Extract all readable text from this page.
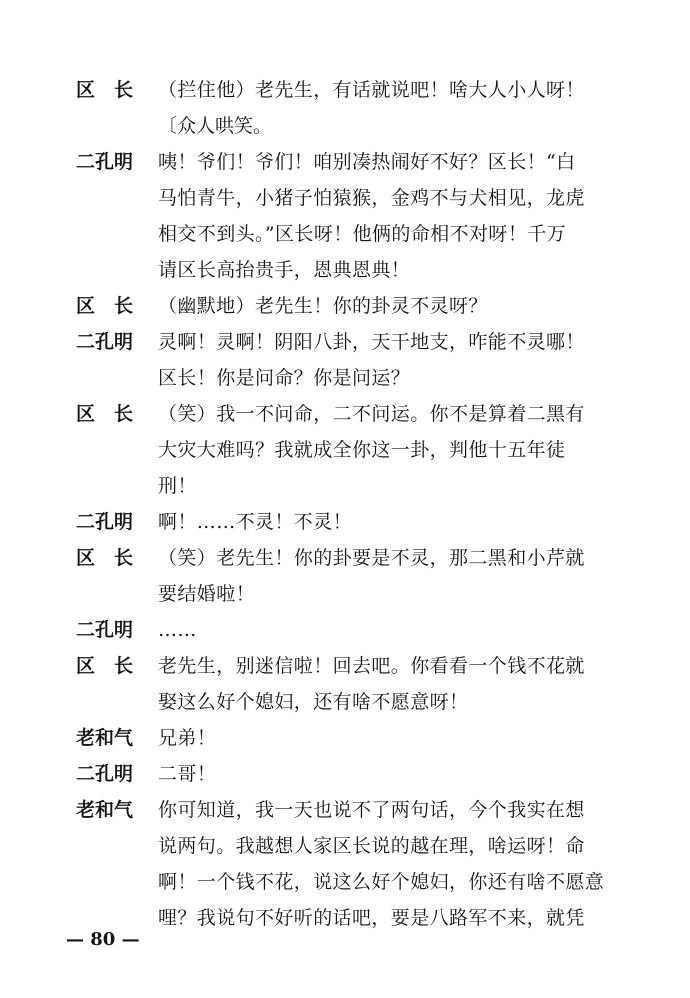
区　长	（拦住他）老先生，有话就说吧！啥大人小人呀！
〔众人哄笑。
二孔明	咦！爷们！爷们！咱别凑热闹好不好？区长！“白
马怕青牛，小猪子怕猿猴，金鸡不与犬相见，龙虎
相交不到头。”区长呀！他俩的命相不对呀！千万
请区长高抬贵手，恩典恩典！
区　长	（幽默地）老先生！你的卦灵不灵呀？
二孔明	灵啊！灵啊！阴阳八卦，天干地支，咋能不灵哪！
区长！你是问命？你是问运？
区　长	（笑）我一不问命，二不问运。你不是算着二黑有
大灾大难吗？我就成全你这一卦，判他十五年徒
刑！
二孔明	啊！……不灵！不灵！
区　长	（笑）老先生！你的卦要是不灵，那二黑和小芹就
要结婚啦！
二孔明	……
区　长	老先生，别迷信啦！回去吧。你看看一个钱不花就
娶这么好个媳妇，还有啥不愿意呀！
老和气	兄弟！
二孔明	二哥！
老和气	你可知道，我一天也说不了两句话，今个我实在想
说两句。我越想人家区长说的越在理，啥运呀！命
啊！一个钱不花，说这么好个媳妇，你还有啥不愿意
哩？我说句不好听的话吧，要是八路军不来，就凭
— 80 —
